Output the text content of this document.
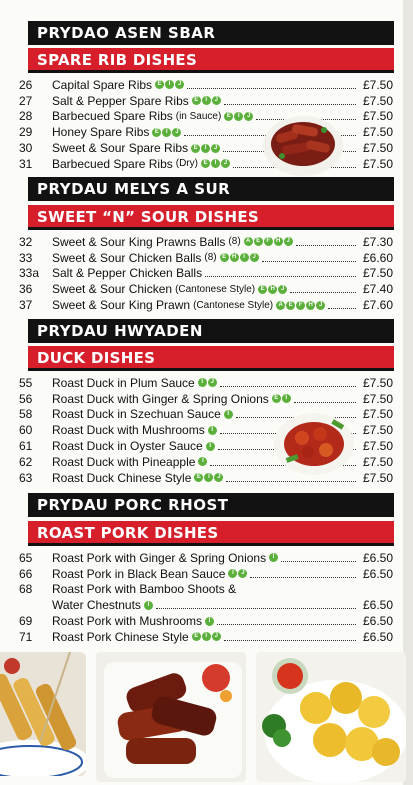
PRYDAO ASEN SBAR
SPARE RIB DISHES
26	Capital Spare Ribs E	I	J	£7.50
27	Salt & Pepper Spare Ribs E	I	J	£7.50
28	Barbecued Spare Ribs (in Sauce) E	I	J	£7.50
29	Honey Spare Ribs E	I	J	£7.50
30	Sweet & Sour Spare Ribs E	I	J	£7.50
31	Barbecued Spare Ribs (Dry) E	I	J	£7.50
PRYDAU MELYS A SUR
SWEET “N” SOUR DISHES
32	Sweet & Sour King Prawns Balls (8) A E	F	H	J	£7.30
33	Sweet & Sour Chicken Balls (8) E H	I	J	£6.60
33a	Salt & Pepper Chicken Balls	£7.50
36	Sweet & Sour Chicken (Cantonese Style) E H	J	£7.40
37	Sweet & Sour King Prawn (Cantonese Style) A E	F	H	J	£7.60
PRYDAU HWYADEN
DUCK DISHES
55	Roast Duck in Plum Sauce	I	J	£7.50
56	Roast Duck with Ginger & Spring Onions E	I	£7.50
58	Roast Duck in Szechuan Sauce	I	£7.50
60	Roast Duck with Mushrooms	I	£7.50
61	Roast Duck in Oyster Sauce	I	£7.50
62	Roast Duck with Pineapple	I	£7.50
63	Roast Duck Chinese Style E	I	J	£7.50
PRYDAU PORC RHOST
ROAST PORK DISHES
65	Roast Pork with Ginger & Spring Onions	I	£6.50
66	Roast Pork in Black Bean Sauce	I	J	£6.50
68	Roast Pork with Bamboo Shoots &
Water Chestnuts	I	£6.50
69	Roast Pork with Mushrooms	I	£6.50
71	Roast Pork Chinese Style E	I	J	£6.50
